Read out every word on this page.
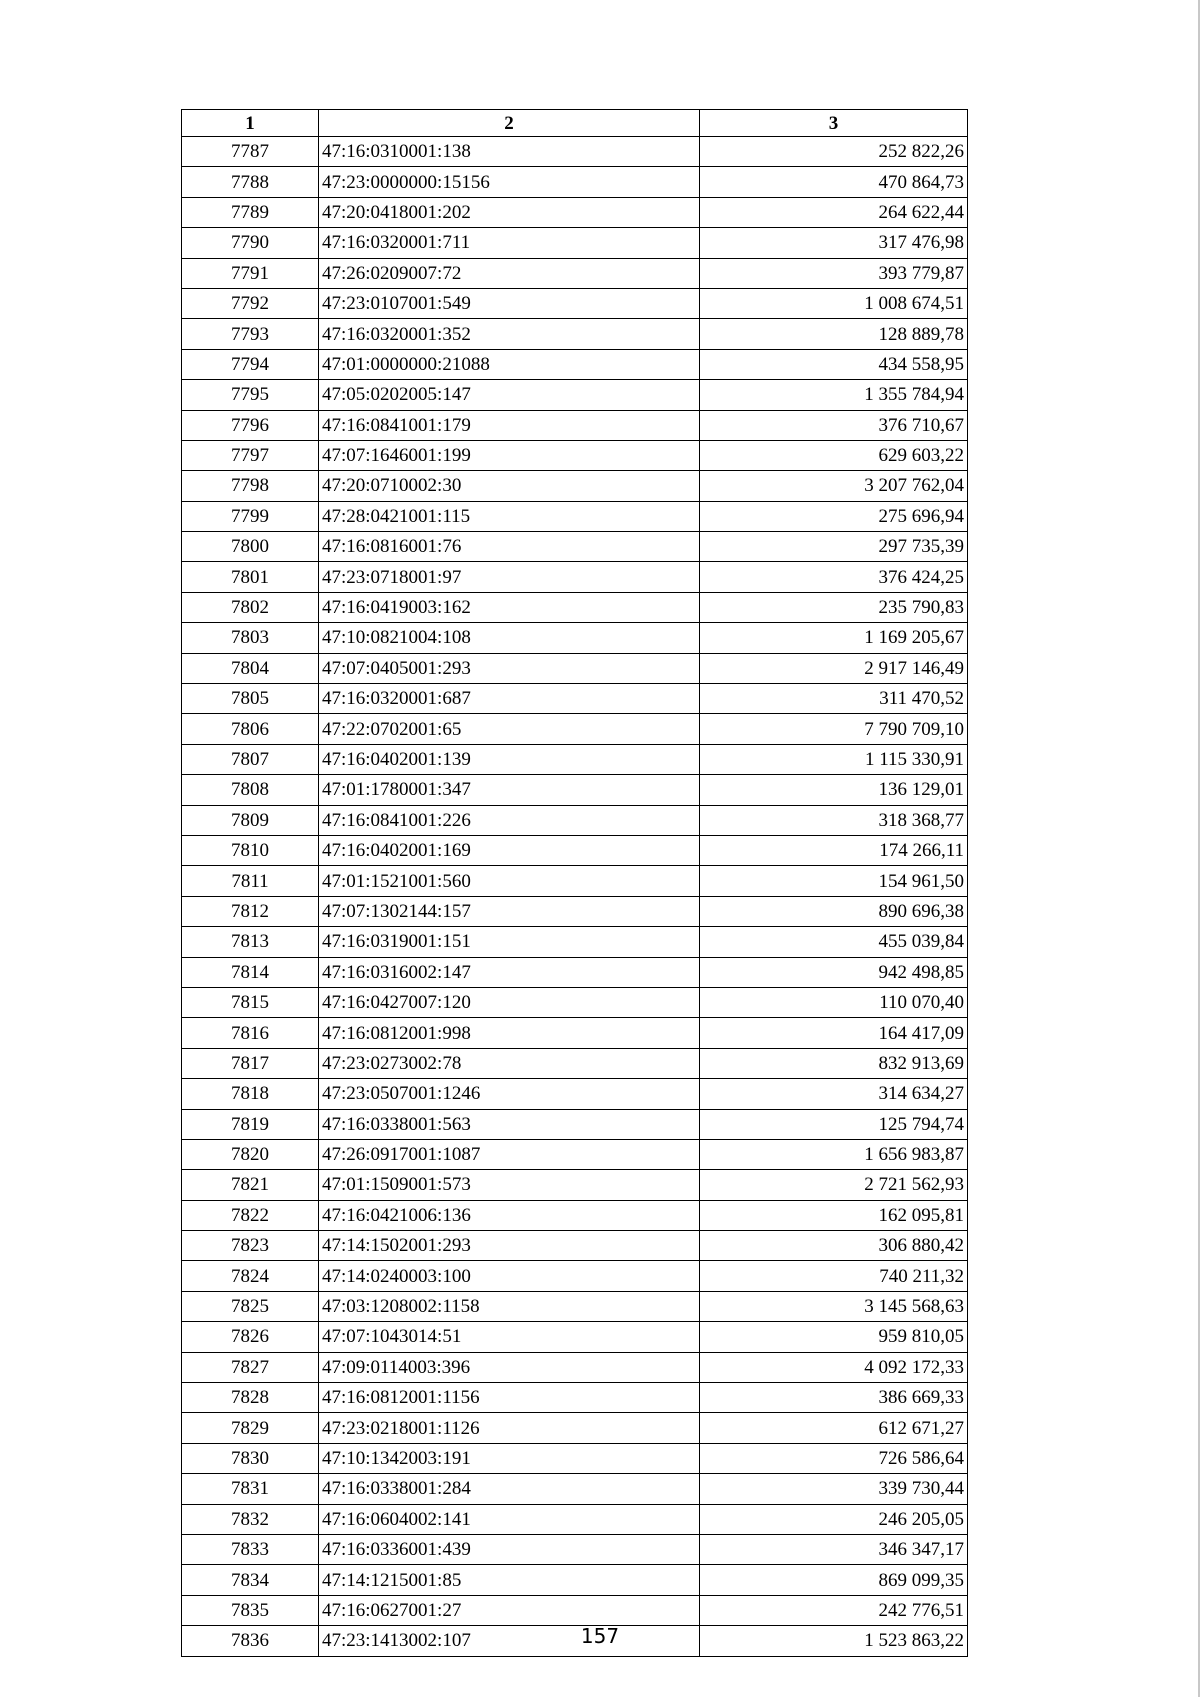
1	2	3
7787	47:16:0310001:138	252 822,26
7788	47:23:0000000:15156	470 864,73
7789	47:20:0418001:202	264 622,44
7790	47:16:0320001:711	317 476,98
7791	47:26:0209007:72	393 779,87
7792	47:23:0107001:549	1 008 674,51
7793	47:16:0320001:352	128 889,78
7794	47:01:0000000:21088	434 558,95
7795	47:05:0202005:147	1 355 784,94
7796	47:16:0841001:179	376 710,67
7797	47:07:1646001:199	629 603,22
7798	47:20:0710002:30	3 207 762,04
7799	47:28:0421001:115	275 696,94
7800	47:16:0816001:76	297 735,39
7801	47:23:0718001:97	376 424,25
7802	47:16:0419003:162	235 790,83
7803	47:10:0821004:108	1 169 205,67
7804	47:07:0405001:293	2 917 146,49
7805	47:16:0320001:687	311 470,52
7806	47:22:0702001:65	7 790 709,10
7807	47:16:0402001:139	1 115 330,91
7808	47:01:1780001:347	136 129,01
7809	47:16:0841001:226	318 368,77
7810	47:16:0402001:169	174 266,11
7811	47:01:1521001:560	154 961,50
7812	47:07:1302144:157	890 696,38
7813	47:16:0319001:151	455 039,84
7814	47:16:0316002:147	942 498,85
7815	47:16:0427007:120	110 070,40
7816	47:16:0812001:998	164 417,09
7817	47:23:0273002:78	832 913,69
7818	47:23:0507001:1246	314 634,27
7819	47:16:0338001:563	125 794,74
7820	47:26:0917001:1087	1 656 983,87
7821	47:01:1509001:573	2 721 562,93
7822	47:16:0421006:136	162 095,81
7823	47:14:1502001:293	306 880,42
7824	47:14:0240003:100	740 211,32
7825	47:03:1208002:1158	3 145 568,63
7826	47:07:1043014:51	959 810,05
7827	47:09:0114003:396	4 092 172,33
7828	47:16:0812001:1156	386 669,33
7829	47:23:0218001:1126	612 671,27
7830	47:10:1342003:191	726 586,64
7831	47:16:0338001:284	339 730,44
7832	47:16:0604002:141	246 205,05
7833	47:16:0336001:439	346 347,17
7834	47:14:1215001:85	869 099,35
7835	47:16:0627001:27	242 776,51
7836	47:23:1413002:107	1 523 863,22
157
